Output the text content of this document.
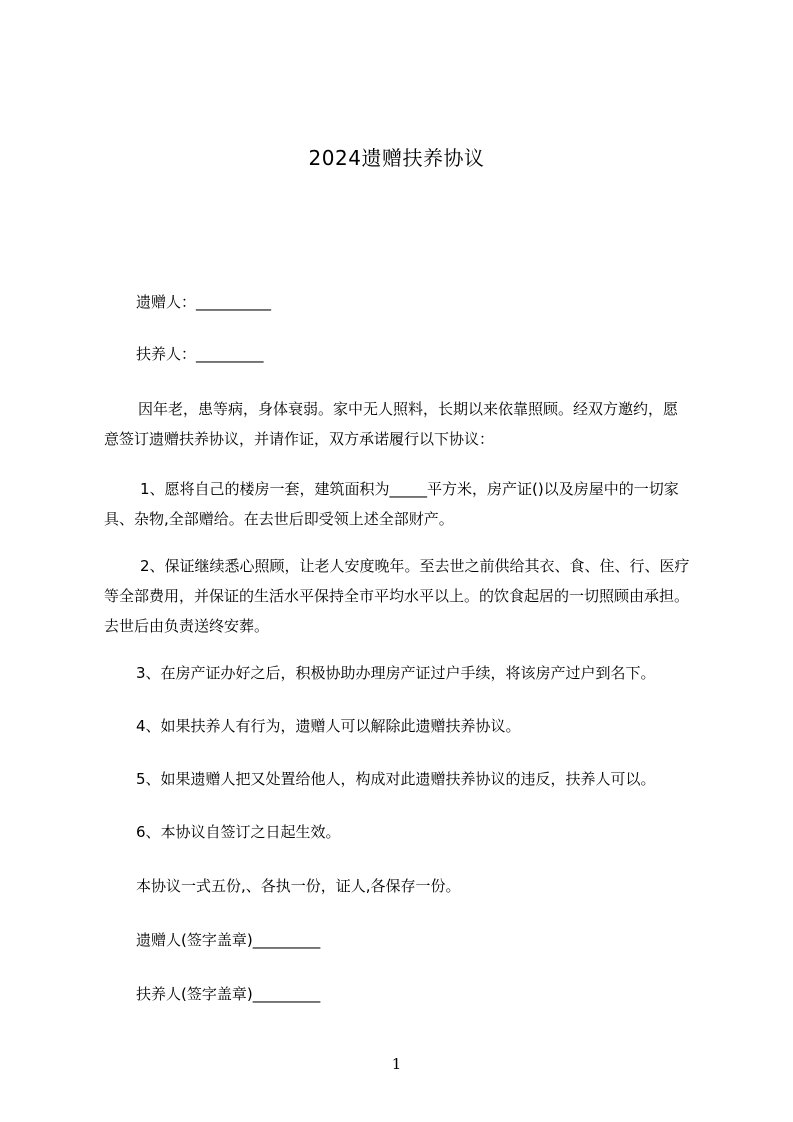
2024遗赠扶养协议
遗赠人：__________
扶养人：_________
因年老，患等病，身体衰弱。家中无人照料，长期以来依靠照顾。经双方邀约，愿意签订遗赠扶养协议，并请作证，双方承诺履行以下协议：
1、愿将自己的楼房一套，建筑面积为_____平方米，房产证()以及房屋中的一切家具、杂物,全部赠给。在去世后即受领上述全部财产。
2、保证继续悉心照顾，让老人安度晚年。至去世之前供给其衣、食、住、行、医疗等全部费用，并保证的生活水平保持全市平均水平以上。的饮食起居的一切照顾由承担。去世后由负责送终安葬。
3、在房产证办好之后，积极协助办理房产证过户手续，将该房产过户到名下。
4、如果扶养人有行为，遗赠人可以解除此遗赠扶养协议。
5、如果遗赠人把又处置给他人，构成对此遗赠扶养协议的违反，扶养人可以。
6、本协议自签订之日起生效。
本协议一式五份,、各执一份，证人,各保存一份。
遗赠人(签字盖章)_________
扶养人(签字盖章)_________
1
